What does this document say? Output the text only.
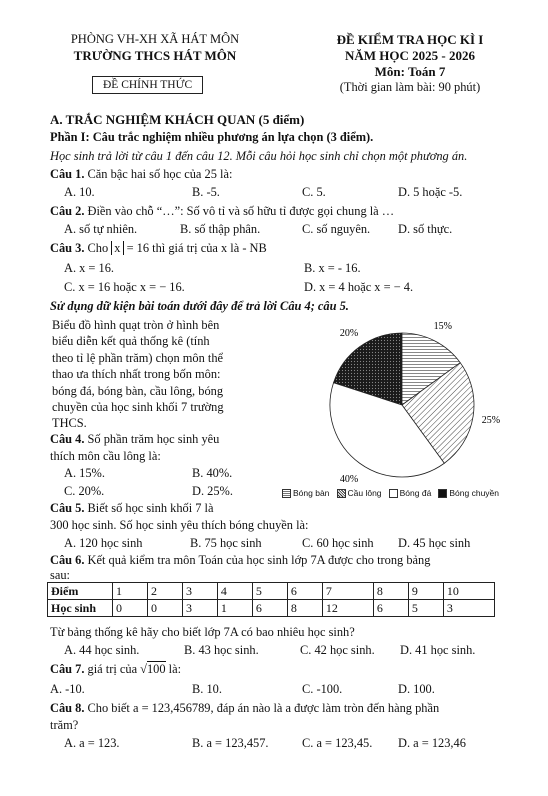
PHÒNG VH-XH XÃ HÁT MÔN
TRƯỜNG THCS HÁT MÔN
ĐỀ CHÍNH THỨC
ĐỀ KIỂM TRA HỌC KÌ I
NĂM HỌC 2025 - 2026
Môn: Toán 7
(Thời gian làm bài: 90 phút)
A. TRẮC NGHIỆM KHÁCH QUAN (5 điểm)
Phần I: Câu trắc nghiệm nhiều phương án lựa chọn (3 điểm).
Học sinh trả lời từ câu 1 đến câu 12. Mỗi câu hỏi học sinh chỉ chọn một phương án.
Câu 1. Căn bậc hai số học của 25 là:
A. 10.	B. -5.	C. 5.	D. 5 hoặc -5.
Câu 2. Điền vào chỗ “…”: Số vô tỉ và số hữu tỉ được gọi chung là …
A. số tự nhiên.	B. số thập phân.	C. số nguyên. D. số thực.
Câu 3. Cho x = 16 thì giá trị của x là - NB
A. x = 16.	B. x = - 16.
C. x = 16 hoặc x = − 16.	D. x = 4 hoặc x = − 4.
Sử dụng dữ kiện bài toán dưới đây để trả lời Câu 4; câu 5.
Biểu đồ hình quạt tròn ở hình bên
biểu diễn kết quả thống kê (tính
theo tỉ lệ phần trăm) chọn môn thể
thao ưa thích nhất trong bốn môn:
bóng đá, bóng bàn, cầu lông, bóng
chuyền của học sinh khối 7 trường
THCS.
Câu 4. Số phần trăm học sinh yêu
thích môn cầu lông là:
A. 15%.	B. 40%.
C. 20%.	D. 25%.
20%
15%
25%
40%
Bóng bàn Cầu lông Bóng đá Bóng chuyền
Câu 5. Biết số học sinh khối 7 là
300 học sinh. Số học sinh yêu thích bóng chuyền là:
A. 120 học sinh	B. 75 học sinh	C. 60 học sinh D. 45 học sinh
Câu 6. Kết quả kiểm tra môn Toán của học sinh lớp 7A được cho trong bảng
sau:
Điểm	1	2	3	4	5	6	7	8	9	10
Học sinh	0	0	3	1	6	8	12	6	5	3
Từ bảng thống kê hãy cho biết lớp 7A có bao nhiêu học sinh?
A. 44 học sinh.	B. 43 học sinh.	C. 42 học sinh. D. 41 học sinh.
Câu 7. giá trị của √100 là:
A. -10.	B. 10.	C. -100.	D. 100.
Câu 8. Cho biết a = 123,456789, đáp án nào là a được làm tròn đến hàng phần
trăm?
A. a = 123.	B. a = 123,457.	C. a = 123,45. D. a = 123,46
